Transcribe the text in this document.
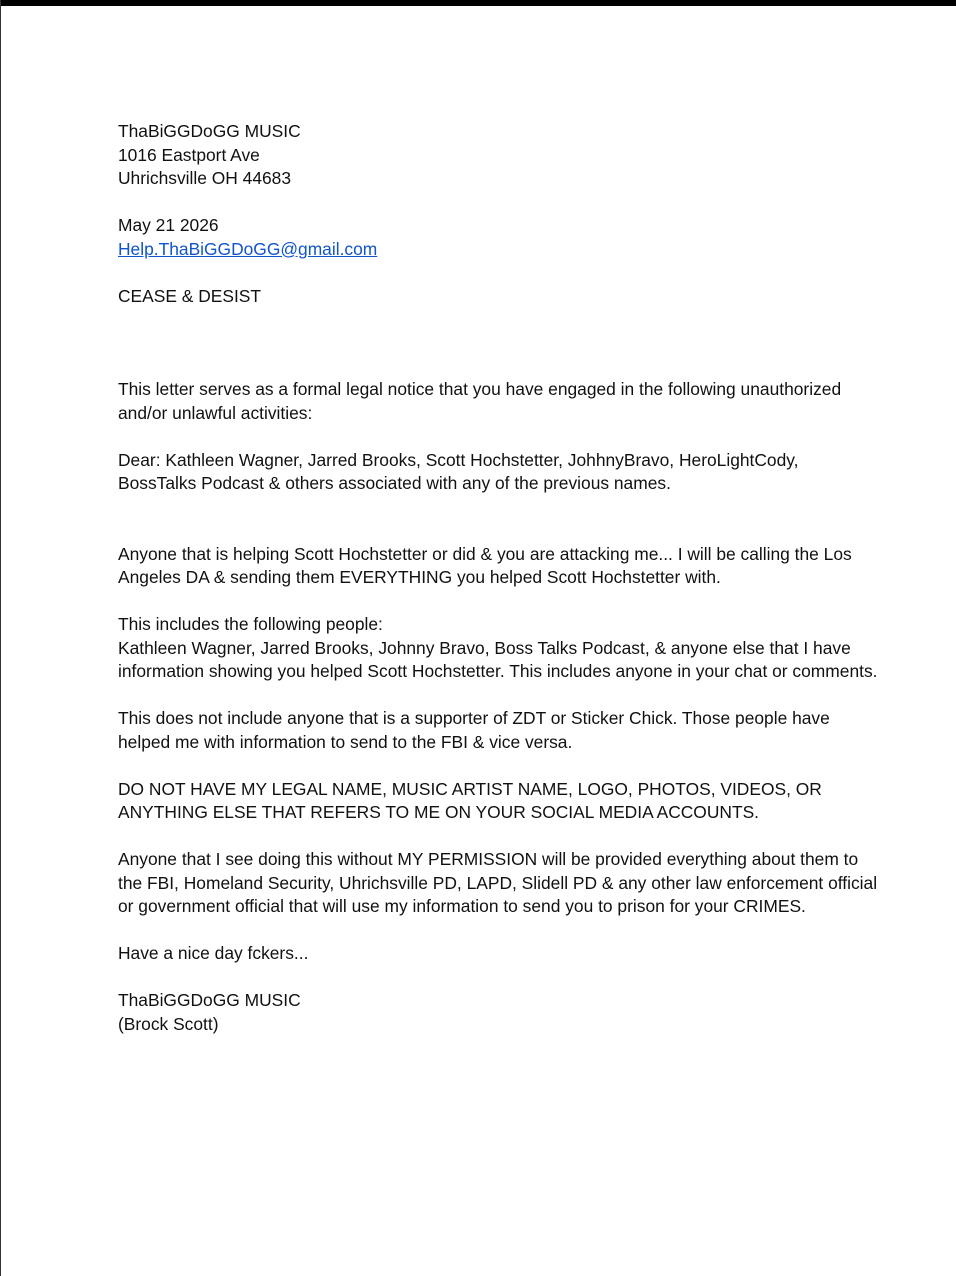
ThaBiGGDoGG MUSIC

1016 Eastport Ave

Uhrichsville OH 44683

May 21 2026

Help.ThaBiGGDoGG@gmail.com

CEASE & DESIST

This letter serves as a formal legal notice that you have engaged in the following unauthorized and/or unlawful activities:

Dear: Kathleen Wagner, Jarred Brooks, Scott Hochstetter, JohhnyBravo, HeroLightCody, BossTalks Podcast & others associated with any of the previous names.

Anyone that is helping Scott Hochstetter or did & you are attacking me... I will be calling the Los Angeles DA & sending them EVERYTHING you helped Scott Hochstetter with.

This includes the following people:

Kathleen Wagner, Jarred Brooks, Johnny Bravo, Boss Talks Podcast, & anyone else that I have information showing you helped Scott Hochstetter. This includes anyone in your chat or comments.

This does not include anyone that is a supporter of ZDT or Sticker Chick. Those people have helped me with information to send to the FBI & vice versa.

DO NOT HAVE MY LEGAL NAME, MUSIC ARTIST NAME, LOGO, PHOTOS, VIDEOS, OR ANYTHING ELSE THAT REFERS TO ME ON YOUR SOCIAL MEDIA ACCOUNTS.

Anyone that I see doing this without MY PERMISSION will be provided everything about them to the FBI, Homeland Security, Uhrichsville PD, LAPD, Slidell PD & any other law enforcement official or government official that will use my information to send you to prison for your CRIMES.

Have a nice day fckers...

ThaBiGGDoGG MUSIC

(Brock Scott)
